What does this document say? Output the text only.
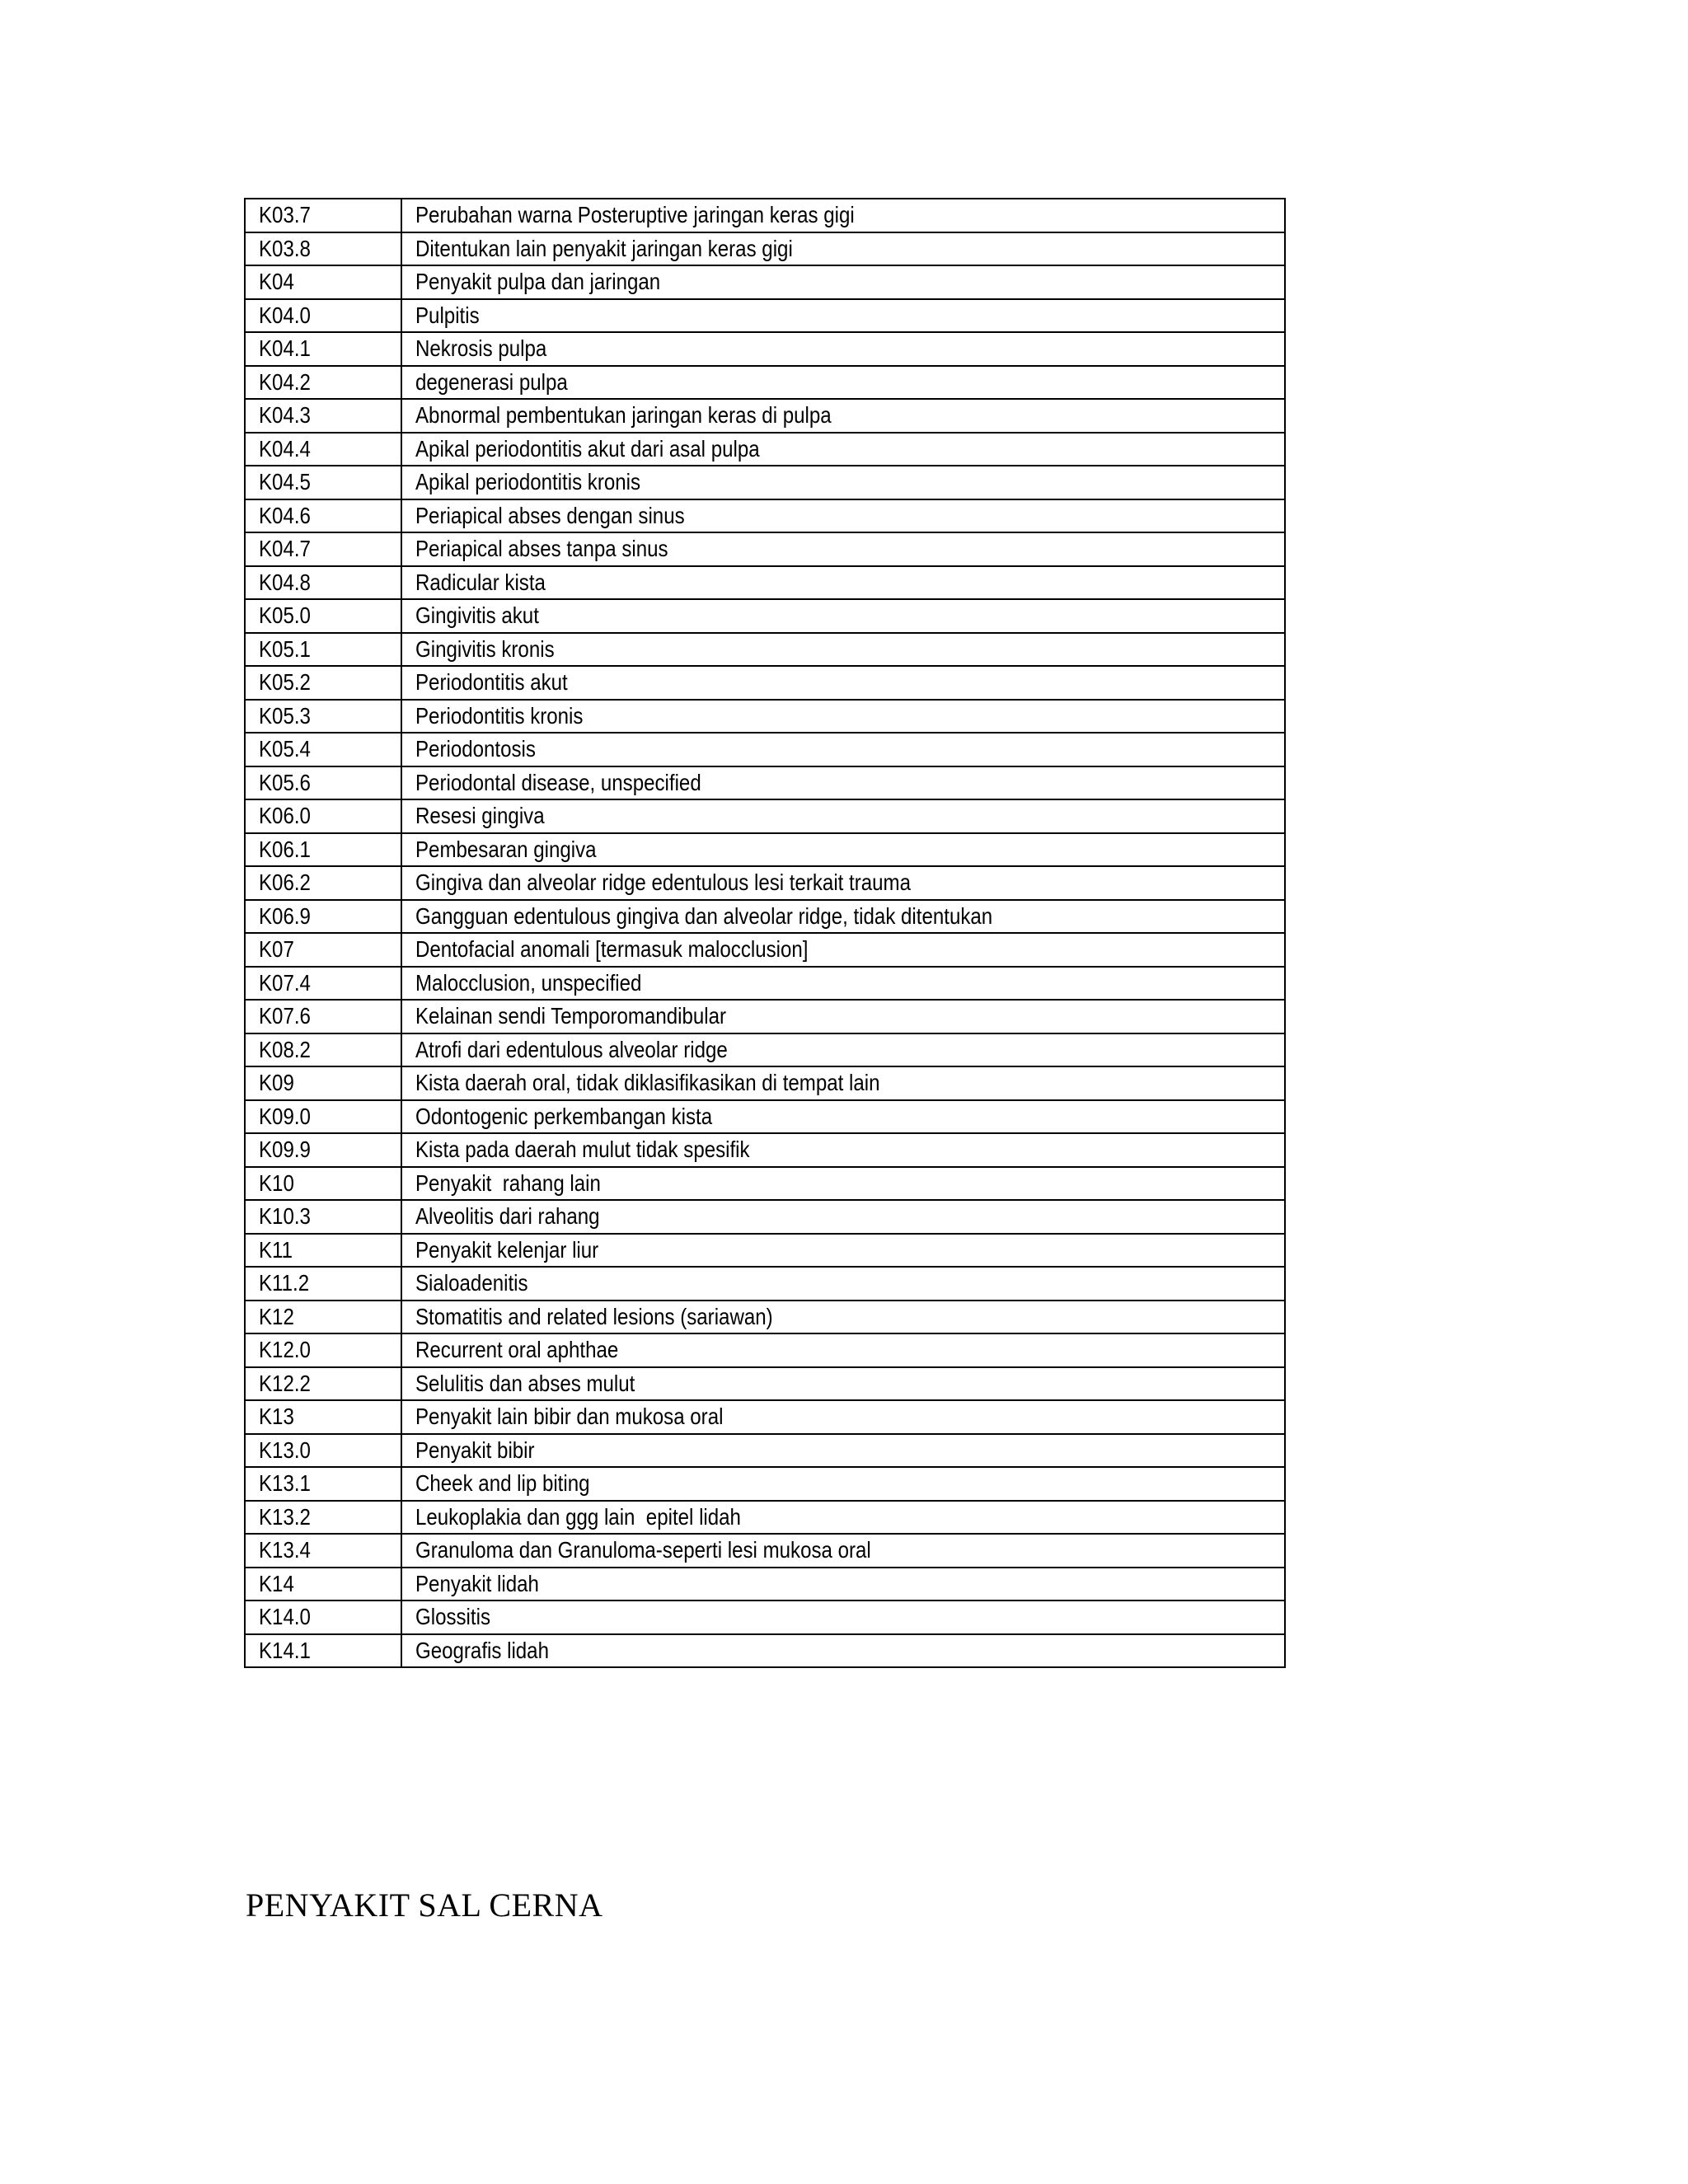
K03.7	Perubahan warna Posteruptive jaringan keras gigi
K03.8	Ditentukan lain penyakit jaringan keras gigi
K04	Penyakit pulpa dan jaringan
K04.0	Pulpitis
K04.1	Nekrosis pulpa
K04.2	degenerasi pulpa
K04.3	Abnormal pembentukan jaringan keras di pulpa
K04.4	Apikal periodontitis akut dari asal pulpa
K04.5	Apikal periodontitis kronis
K04.6	Periapical abses dengan sinus
K04.7	Periapical abses tanpa sinus
K04.8	Radicular kista
K05.0	Gingivitis akut
K05.1	Gingivitis kronis
K05.2	Periodontitis akut
K05.3	Periodontitis kronis
K05.4	Periodontosis
K05.6	Periodontal disease, unspecified
K06.0	Resesi gingiva
K06.1	Pembesaran gingiva
K06.2	Gingiva dan alveolar ridge edentulous lesi terkait trauma
K06.9	Gangguan edentulous gingiva dan alveolar ridge, tidak ditentukan
K07	Dentofacial anomali [termasuk malocclusion]
K07.4	Malocclusion, unspecified
K07.6	Kelainan sendi Temporomandibular
K08.2	Atrofi dari edentulous alveolar ridge
K09	Kista daerah oral, tidak diklasifikasikan di tempat lain
K09.0	Odontogenic perkembangan kista
K09.9	Kista pada daerah mulut tidak spesifik
K10	Penyakit  rahang lain
K10.3	Alveolitis dari rahang
K11	Penyakit kelenjar liur
K11.2	Sialoadenitis
K12	Stomatitis and related lesions (sariawan)
K12.0	Recurrent oral aphthae
K12.2	Selulitis dan abses mulut
K13	Penyakit lain bibir dan mukosa oral
K13.0	Penyakit bibir
K13.1	Cheek and lip biting
K13.2	Leukoplakia dan ggg lain  epitel lidah
K13.4	Granuloma dan Granuloma-seperti lesi mukosa oral
K14	Penyakit lidah
K14.0	Glossitis
K14.1	Geografis lidah
PENYAKIT SAL CERNA
